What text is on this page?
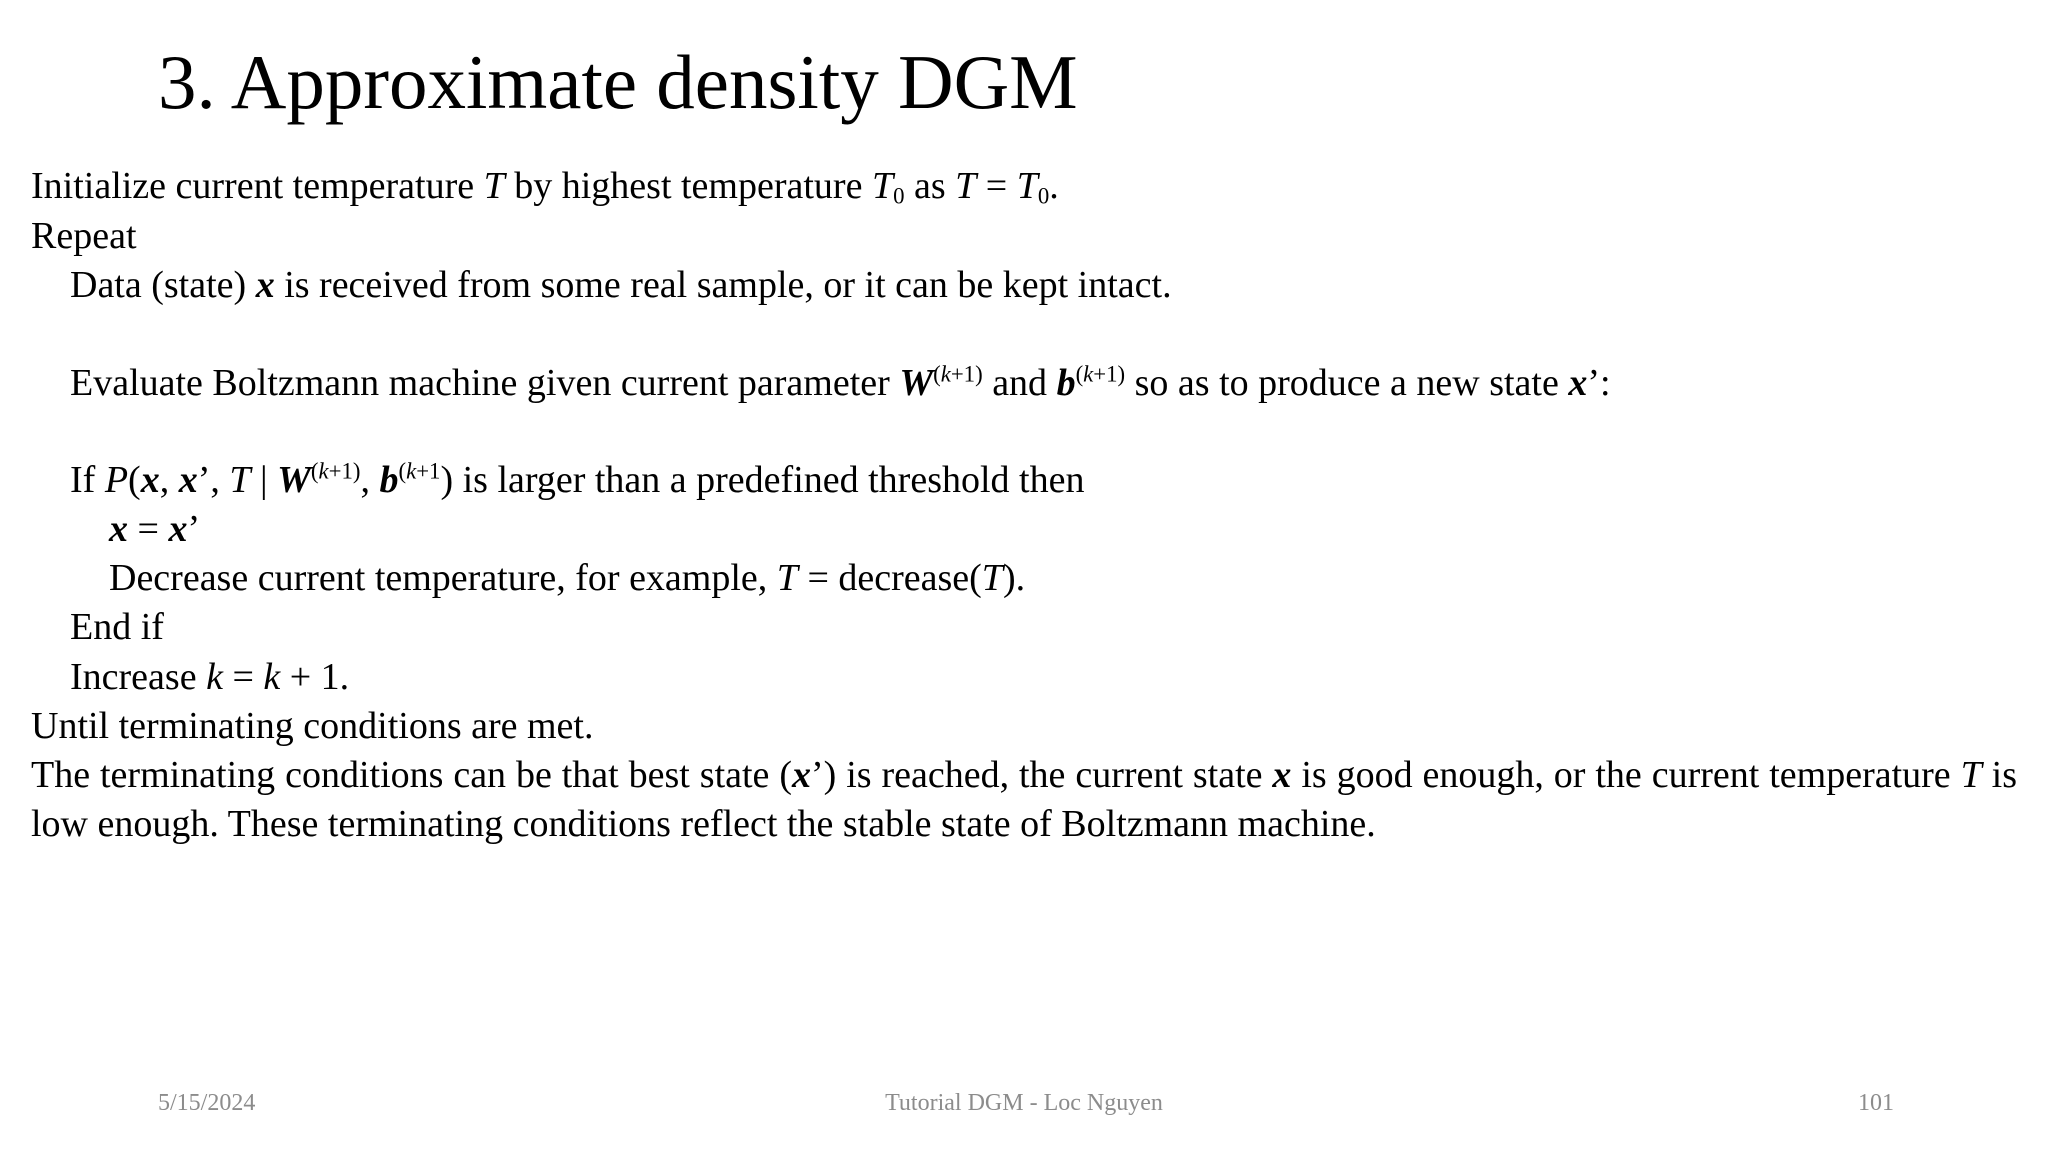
3. Approximate density DGM
Initialize current temperature T by highest temperature $T_0$ as $T = T_0$.
Repeat
Data (state) x is received from some real sample, or it can be kept intact.
Evaluate Boltzmann machine given current parameter $W^{(k+1)}$ and $b^{(k+1)}$ so as to produce a new state x’:
If P(x, x’, T | $W^{(k+1)}$, $b^{(k+1}$) is larger than a predefined threshold then
x = x’
Decrease current temperature, for example, T = decrease(T).
End if
Increase k = k + 1.
Until terminating conditions are met.
The terminating conditions can be that best state (x’) is reached, the current state x is good enough, or the current temperature T is low enough. These terminating conditions reflect the stable state of Boltzmann machine.
5/15/2024	Tutorial DGM - Loc Nguyen	101
